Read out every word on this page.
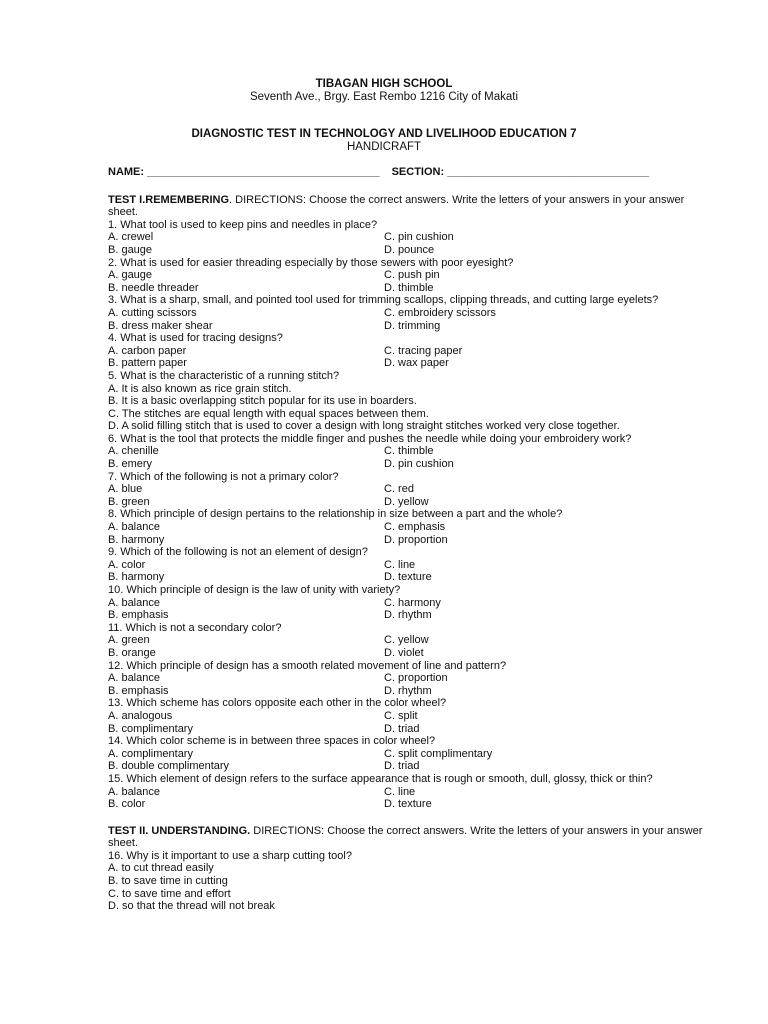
TIBAGAN HIGH SCHOOL
Seventh Ave., Brgy. East Rembo 1216 City of Makati
DIAGNOSTIC TEST IN TECHNOLOGY AND LIVELIHOOD EDUCATION 7
HANDICRAFT
NAME: ______________________________________ SECTION: _________________________________
TEST I.REMEMBERING. DIRECTIONS: Choose the correct answers. Write the letters of your answers in your answer sheet.
1. What tool is used to keep pins and needles in place?
A. crewel	C. pin cushion
B. gauge	D. pounce
2. What is used for easier threading especially by those sewers with poor eyesight?
A. gauge	C. push pin
B. needle threader	D. thimble
3. What is a sharp, small, and pointed tool used for trimming scallops, clipping threads, and cutting large eyelets?
A. cutting scissors	C. embroidery scissors
B. dress maker shear	D. trimming
4. What is used for tracing designs?
A. carbon paper	C. tracing paper
B. pattern paper	D. wax paper
5. What is the characteristic of a running stitch?
A. It is also known as rice grain stitch.
B. It is a basic overlapping stitch popular for its use in boarders.
C. The stitches are equal length with equal spaces between them.
D. A solid filling stitch that is used to cover a design with long straight stitches worked very close together.
6. What is the tool that protects the middle finger and pushes the needle while doing your embroidery work?
A. chenille	C. thimble
B. emery	D. pin cushion
7. Which of the following is not a primary color?
A. blue	C. red
B. green	D. yellow
8. Which principle of design pertains to the relationship in size between a part and the whole?
A. balance	C. emphasis
B. harmony	D. proportion
9. Which of the following is not an element of design?
A. color	C. line
B. harmony	D. texture
10. Which principle of design is the law of unity with variety?
A. balance	C. harmony
B. emphasis	D. rhythm
11. Which is not a secondary color?
A. green	C. yellow
B. orange	D. violet
12. Which principle of design has a smooth related movement of line and pattern?
A. balance	C. proportion
B. emphasis	D. rhythm
13. Which scheme has colors opposite each other in the color wheel?
A. analogous	C. split
B. complimentary	D. triad
14. Which color scheme is in between three spaces in color wheel?
A. complimentary	C. split complimentary
B. double complimentary	D. triad
15. Which element of design refers to the surface appearance that is rough or smooth, dull, glossy, thick or thin?
A. balance	C. line
B. color	D. texture
TEST II. UNDERSTANDING. DIRECTIONS: Choose the correct answers. Write the letters of your answers in your answer sheet.
16. Why is it important to use a sharp cutting tool?
A. to cut thread easily
B. to save time in cutting
C. to save time and effort
D. so that the thread will not break
